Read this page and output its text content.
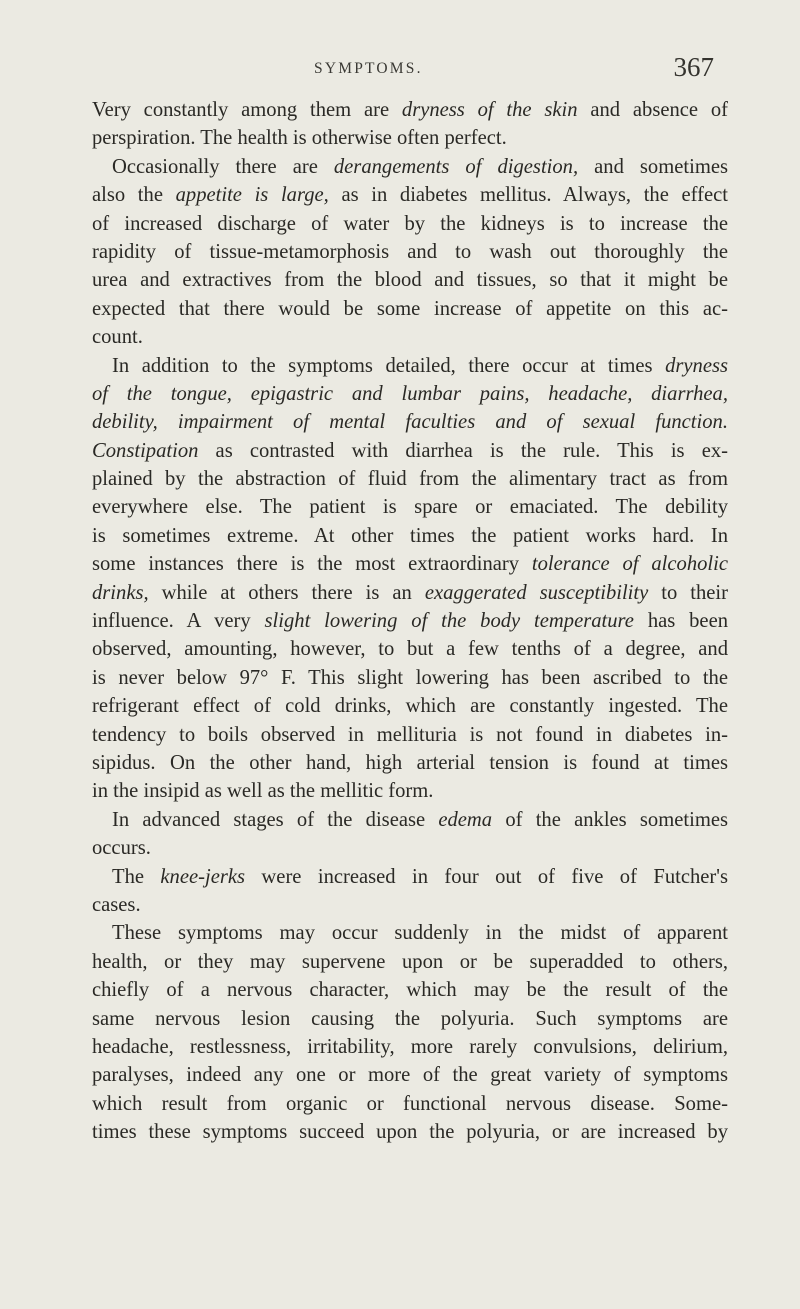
SYMPTOMS.	367
Very constantly among them are dryness of the skin and absence of
perspiration. The health is otherwise often perfect.
Occasionally there are derangements of digestion, and sometimes
also the appetite is large, as in diabetes mellitus. Always, the effect
of increased discharge of water by the kidneys is to increase the
rapidity of tissue-metamorphosis and to wash out thoroughly the
urea and extractives from the blood and tissues, so that it might be
expected that there would be some increase of appetite on this ac-
count.
In addition to the symptoms detailed, there occur at times dryness
of the tongue, epigastric and lumbar pains, headache, diarrhea,
debility, impairment of mental faculties and of sexual function.
Constipation as contrasted with diarrhea is the rule. This is ex-
plained by the abstraction of fluid from the alimentary tract as from
everywhere else. The patient is spare or emaciated. The debility
is sometimes extreme. At other times the patient works hard. In
some instances there is the most extraordinary tolerance of alcoholic
drinks, while at others there is an exaggerated susceptibility to their
influence. A very slight lowering of the body temperature has been
observed, amounting, however, to but a few tenths of a degree, and
is never below 97° F. This slight lowering has been ascribed to the
refrigerant effect of cold drinks, which are constantly ingested. The
tendency to boils observed in mellituria is not found in diabetes in-
sipidus. On the other hand, high arterial tension is found at times
in the insipid as well as the mellitic form.
In advanced stages of the disease edema of the ankles sometimes
occurs.
The knee-jerks were increased in four out of five of Futcher's
cases.
These symptoms may occur suddenly in the midst of apparent
health, or they may supervene upon or be superadded to others,
chiefly of a nervous character, which may be the result of the
same nervous lesion causing the polyuria. Such symptoms are
headache, restlessness, irritability, more rarely convulsions, delirium,
paralyses, indeed any one or more of the great variety of symptoms
which result from organic or functional nervous disease. Some-
times these symptoms succeed upon the polyuria, or are increased by
